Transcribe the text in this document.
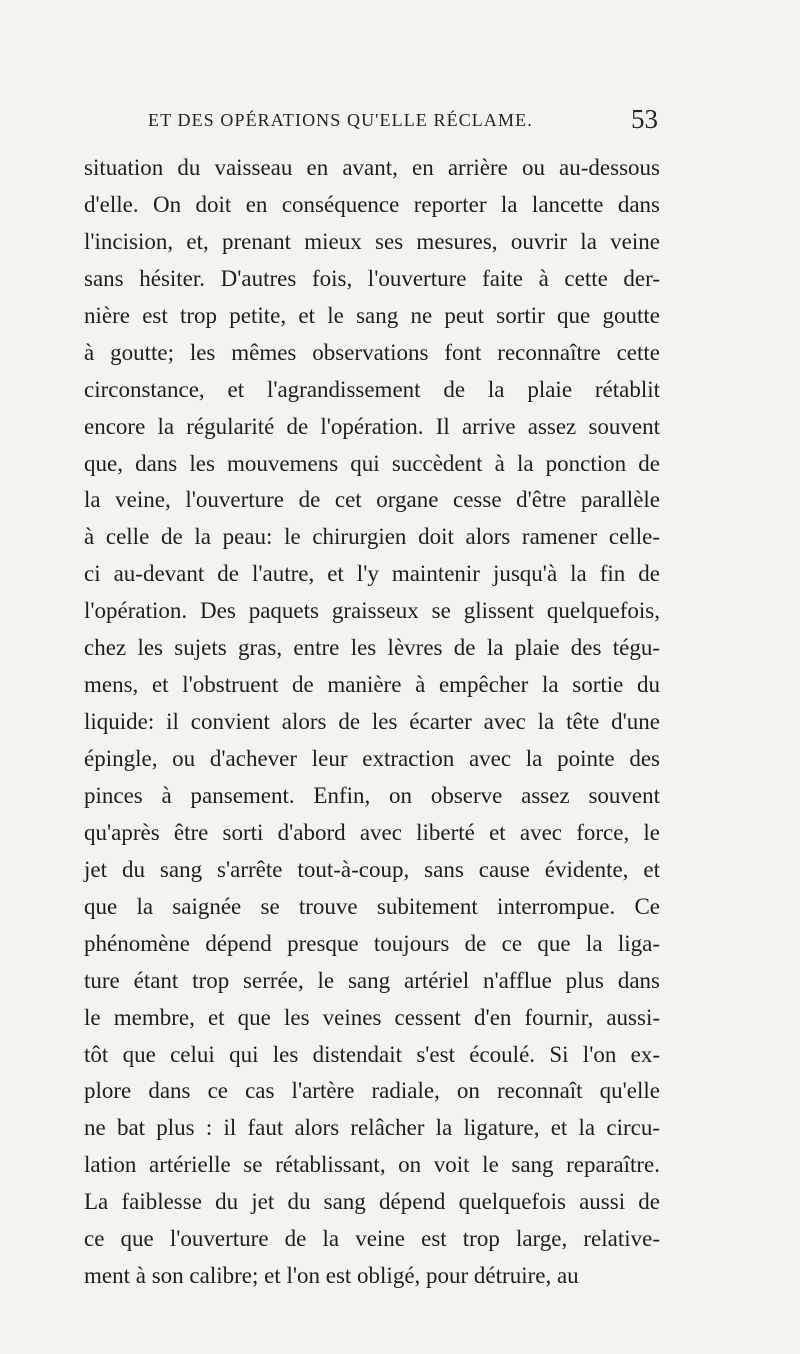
ET DES OPÉRATIONS QU'ELLE RÉCLAME.	53
situation du vaisseau en avant, en arrière ou au-dessous
d'elle. On doit en conséquence reporter la lancette dans
l'incision, et, prenant mieux ses mesures, ouvrir la veine
sans hésiter. D'autres fois, l'ouverture faite à cette der-
nière est trop petite, et le sang ne peut sortir que goutte
à goutte; les mêmes observations font reconnaître cette
circonstance, et l'agrandissement de la plaie rétablit
encore la régularité de l'opération. Il arrive assez souvent
que, dans les mouvemens qui succèdent à la ponction de
la veine, l'ouverture de cet organe cesse d'être parallèle
à celle de la peau: le chirurgien doit alors ramener celle-
ci au-devant de l'autre, et l'y maintenir jusqu'à la fin de
l'opération. Des paquets graisseux se glissent quelquefois,
chez les sujets gras, entre les lèvres de la plaie des tégu-
mens, et l'obstruent de manière à empêcher la sortie du
liquide: il convient alors de les écarter avec la tête d'une
épingle, ou d'achever leur extraction avec la pointe des
pinces à pansement. Enfin, on observe assez souvent
qu'après être sorti d'abord avec liberté et avec force, le
jet du sang s'arrête tout-à-coup, sans cause évidente, et
que la saignée se trouve subitement interrompue. Ce
phénomène dépend presque toujours de ce que la liga-
ture étant trop serrée, le sang artériel n'afflue plus dans
le membre, et que les veines cessent d'en fournir, aussi-
tôt que celui qui les distendait s'est écoulé. Si l'on ex-
plore dans ce cas l'artère radiale, on reconnaît qu'elle
ne bat plus : il faut alors relâcher la ligature, et la circu-
lation artérielle se rétablissant, on voit le sang reparaître.
La faiblesse du jet du sang dépend quelquefois aussi de
ce que l'ouverture de la veine est trop large, relative-
ment à son calibre; et l'on est obligé, pour détruire, au
